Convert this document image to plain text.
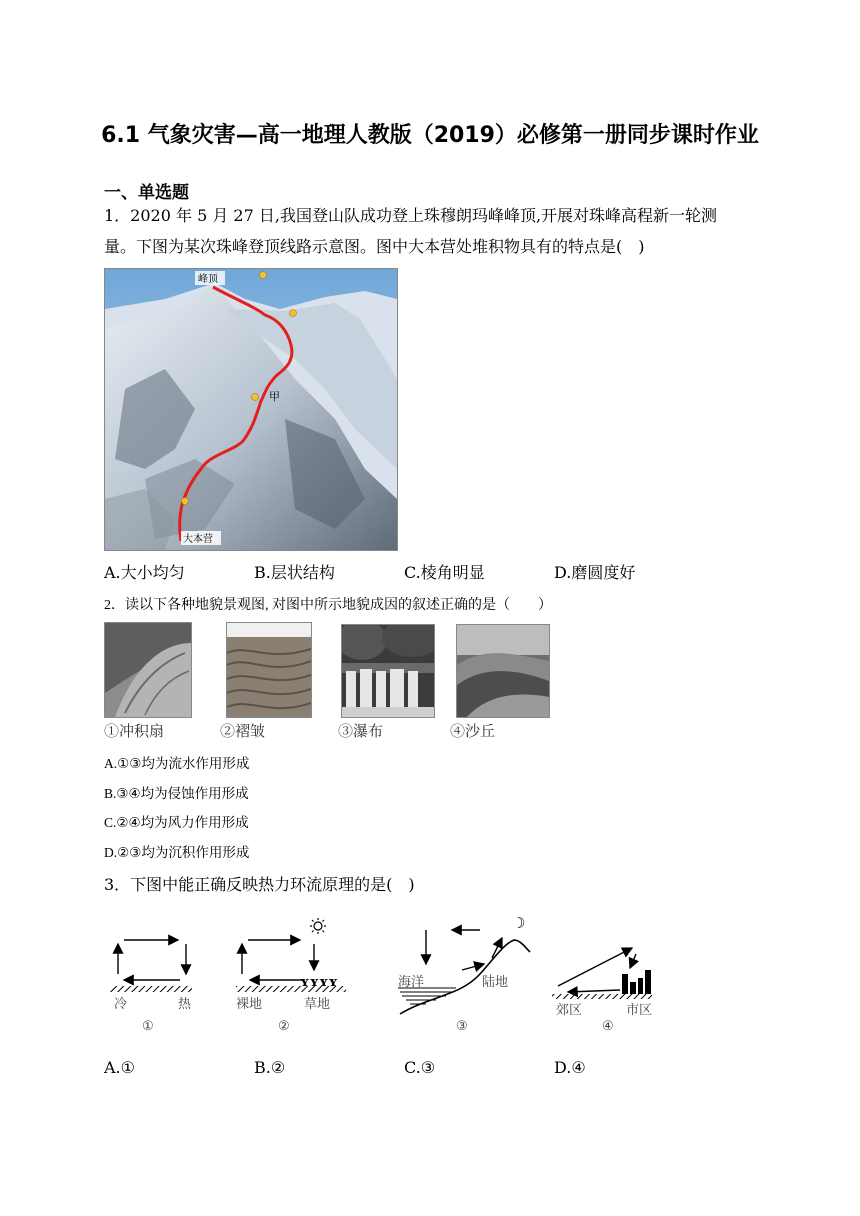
6.1 气象灾害—高一地理人教版（2019）必修第一册同步课时作业
一、单选题
1．2020 年 5 月 27 日,我国登山队成功登上珠穆朗玛峰峰顶,开展对珠峰高程新一轮测
量。下图为某次珠峰登顶线路示意图。图中大本营处堆积物具有的特点是(　)
峰顶
甲
大本营
A.大小均匀	B.层状结构	C.棱角明显	D.磨圆度好
2．读以下各种地貌景观图, 对图中所示地貌成因的叙述正确的是（　　）
①冲积扇	②褶皱	③瀑布	④沙丘
A.①③均为流水作用形成
B.③④均为侵蚀作用形成
C.②④均为风力作用形成
D.②③均为沉积作用形成
3．下图中能正确反映热力环流原理的是(　)
冷	热
①
ʏʏʏʏ
裸地	草地
②
☽
海洋	陆地
③
郊区	市区
④
A.①	B.②	C.③	D.④
